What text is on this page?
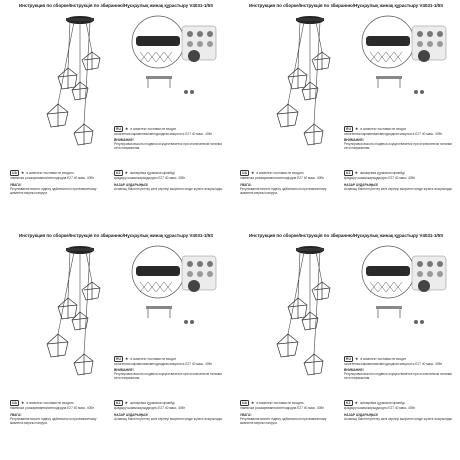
Инструкция по сборке/Інструкція по збиранню/Нұсқаулық жинақ құрастыру V4031-1/5S
RU	★ в комплект поставки не входит
галогенная карманная/светодиодная мощность Е27 40 макс. 40Вт
ВНИМАНИЕ!
Регулировка высоты подвеса осуществляется при отключенном питании сети напряжения.
UA	★ в комплект поставки не входить
лампочка розжарювання/світлодіодна Е27 40 макс. 40Вт
УВАГА!
Регулювання висоти підвісу здійснюється при вимкненому живленні мережі напруги.
KZ	★ жинақтама құрамына кірмейді
қыздыру шамы/жарықдиодты Е27 40 макс. 40Вт
НАЗАР АУДАРЫҢЫЗ!
Аспаның биіктігін реттеу желі кернеуі өшірілген кезде жүзеге асырылады.
Инструкция по сборке/Інструкція по збиранню/Нұсқаулық жинақ құрастыру V4031-1/5S
RU	★ в комплект поставки не входит
галогенная карманная/светодиодная мощность Е27 40 макс. 40Вт
ВНИМАНИЕ!
Регулировка высоты подвеса осуществляется при отключенном питании сети напряжения.
UA	★ в комплект поставки не входить
лампочка розжарювання/світлодіодна Е27 40 макс. 40Вт
УВАГА!
Регулювання висоти підвісу здійснюється при вимкненому живленні мережі напруги.
KZ	★ жинақтама құрамына кірмейді
қыздыру шамы/жарықдиодты Е27 40 макс. 40Вт
НАЗАР АУДАРЫҢЫЗ!
Аспаның биіктігін реттеу желі кернеуі өшірілген кезде жүзеге асырылады.
Инструкция по сборке/Інструкція по збиранню/Нұсқаулық жинақ құрастыру V4031-1/5S
RU	★ в комплект поставки не входит
галогенная карманная/светодиодная мощность Е27 40 макс. 40Вт
ВНИМАНИЕ!
Регулировка высоты подвеса осуществляется при отключенном питании сети напряжения.
UA	★ в комплект поставки не входить
лампочка розжарювання/світлодіодна Е27 40 макс. 40Вт
УВАГА!
Регулювання висоти підвісу здійснюється при вимкненому живленні мережі напруги.
KZ	★ жинақтама құрамына кірмейді
қыздыру шамы/жарықдиодты Е27 40 макс. 40Вт
НАЗАР АУДАРЫҢЫЗ!
Аспаның биіктігін реттеу желі кернеуі өшірілген кезде жүзеге асырылады.
Инструкция по сборке/Інструкція по збиранню/Нұсқаулық жинақ құрастыру V4031-1/5S
RU	★ в комплект поставки не входит
галогенная карманная/светодиодная мощность Е27 40 макс. 40Вт
ВНИМАНИЕ!
Регулировка высоты подвеса осуществляется при отключенном питании сети напряжения.
UA	★ в комплект поставки не входить
лампочка розжарювання/світлодіодна Е27 40 макс. 40Вт
УВАГА!
Регулювання висоти підвісу здійснюється при вимкненому живленні мережі напруги.
KZ	★ жинақтама құрамына кірмейді
қыздыру шамы/жарықдиодты Е27 40 макс. 40Вт
НАЗАР АУДАРЫҢЫЗ!
Аспаның биіктігін реттеу желі кернеуі өшірілген кезде жүзеге асырылады.
